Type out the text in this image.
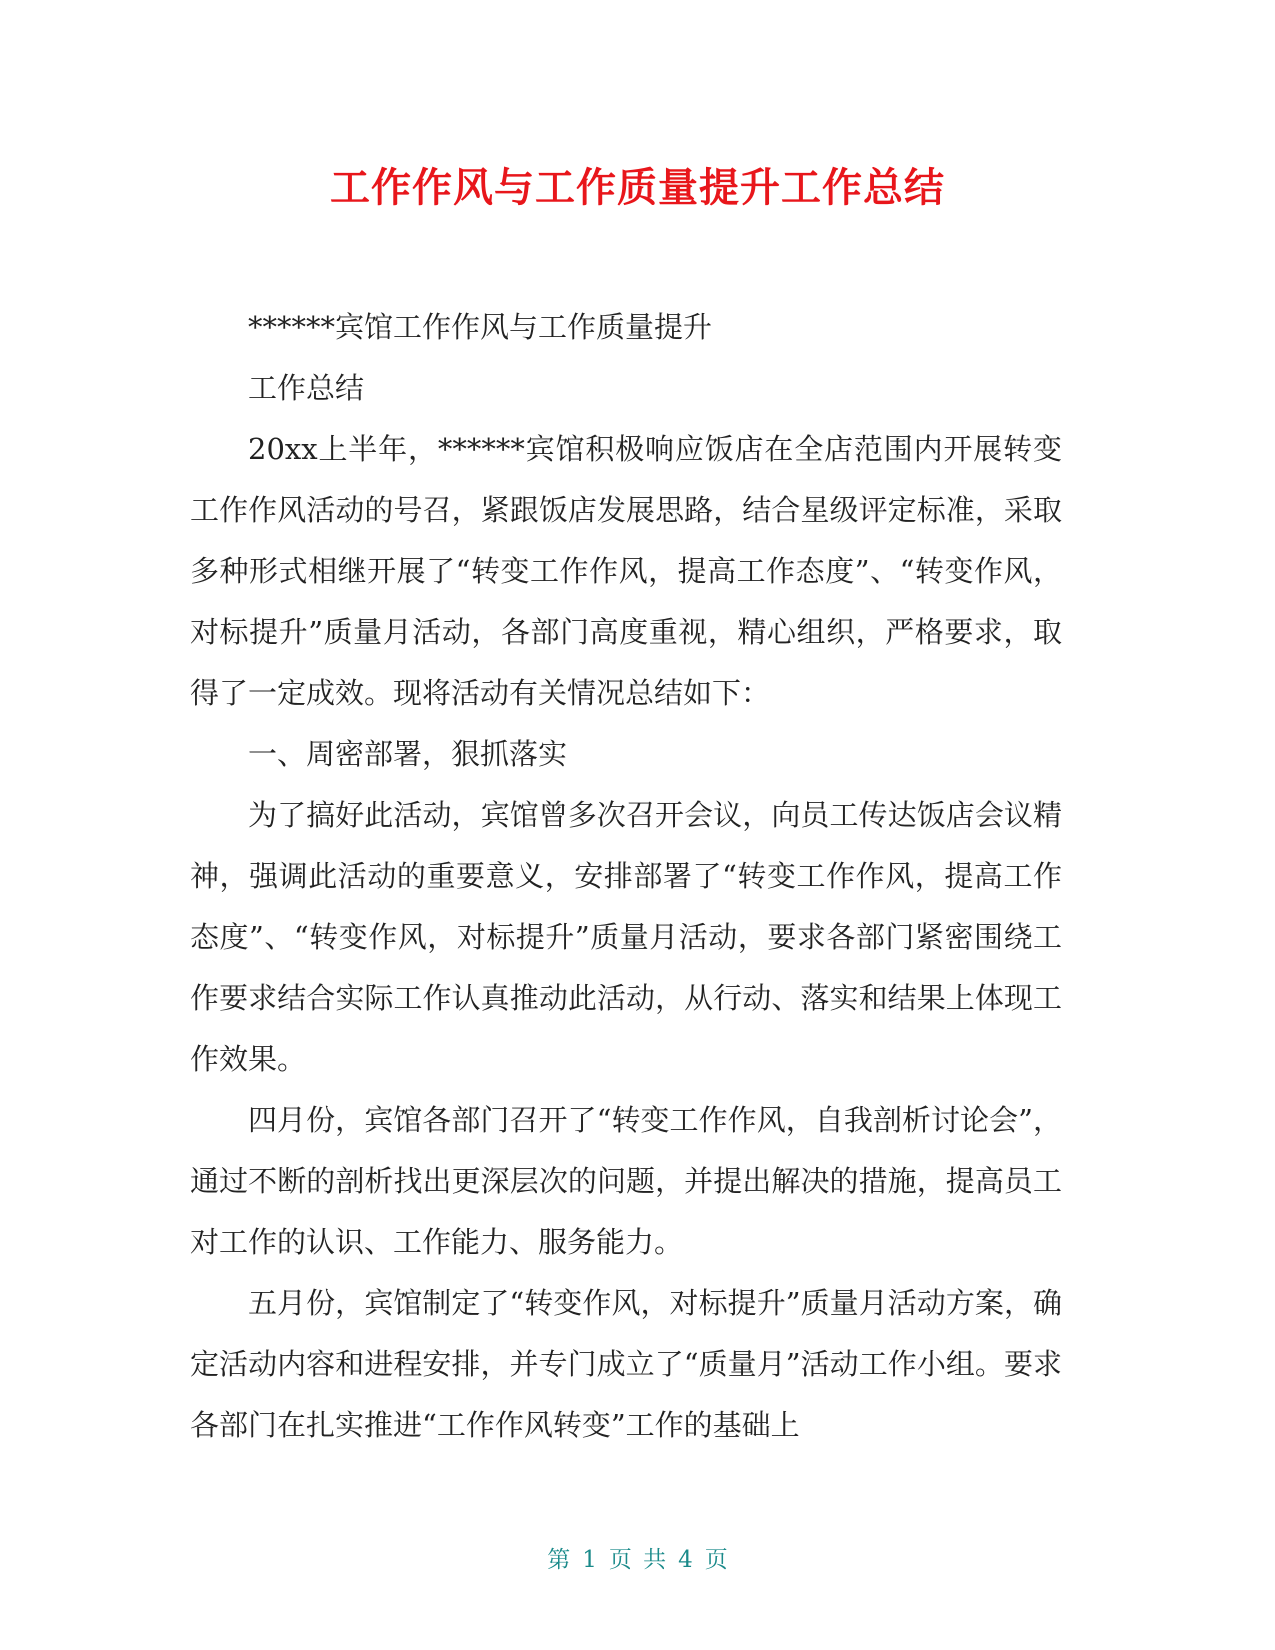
工作作风与工作质量提升工作总结

******宾馆工作作风与工作质量提升

工作总结

20xx上半年，******宾馆积极响应饭店在全店范围内开展转变工作作风活动的号召，紧跟饭店发展思路，结合星级评定标准，采取多种形式相继开展了“转变工作作风，提高工作态度”、“转变作风，对标提升”质量月活动，各部门高度重视，精心组织，严格要求，取得了一定成效。现将活动有关情况总结如下：

一、周密部署，狠抓落实

为了搞好此活动，宾馆曾多次召开会议，向员工传达饭店会议精神，强调此活动的重要意义，安排部署了“转变工作作风，提高工作态度”、“转变作风，对标提升”质量月活动，要求各部门紧密围绕工作要求结合实际工作认真推动此活动，从行动、落实和结果上体现工作效果。

四月份，宾馆各部门召开了“转变工作作风，自我剖析讨论会”，通过不断的剖析找出更深层次的问题，并提出解决的措施，提高员工对工作的认识、工作能力、服务能力。

五月份，宾馆制定了“转变作风，对标提升”质量月活动方案，确定活动内容和进程安排，并专门成立了“质量月”活动工作小组。要求各部门在扎实推进“工作作风转变”工作的基础上

第 1 页 共 4 页
